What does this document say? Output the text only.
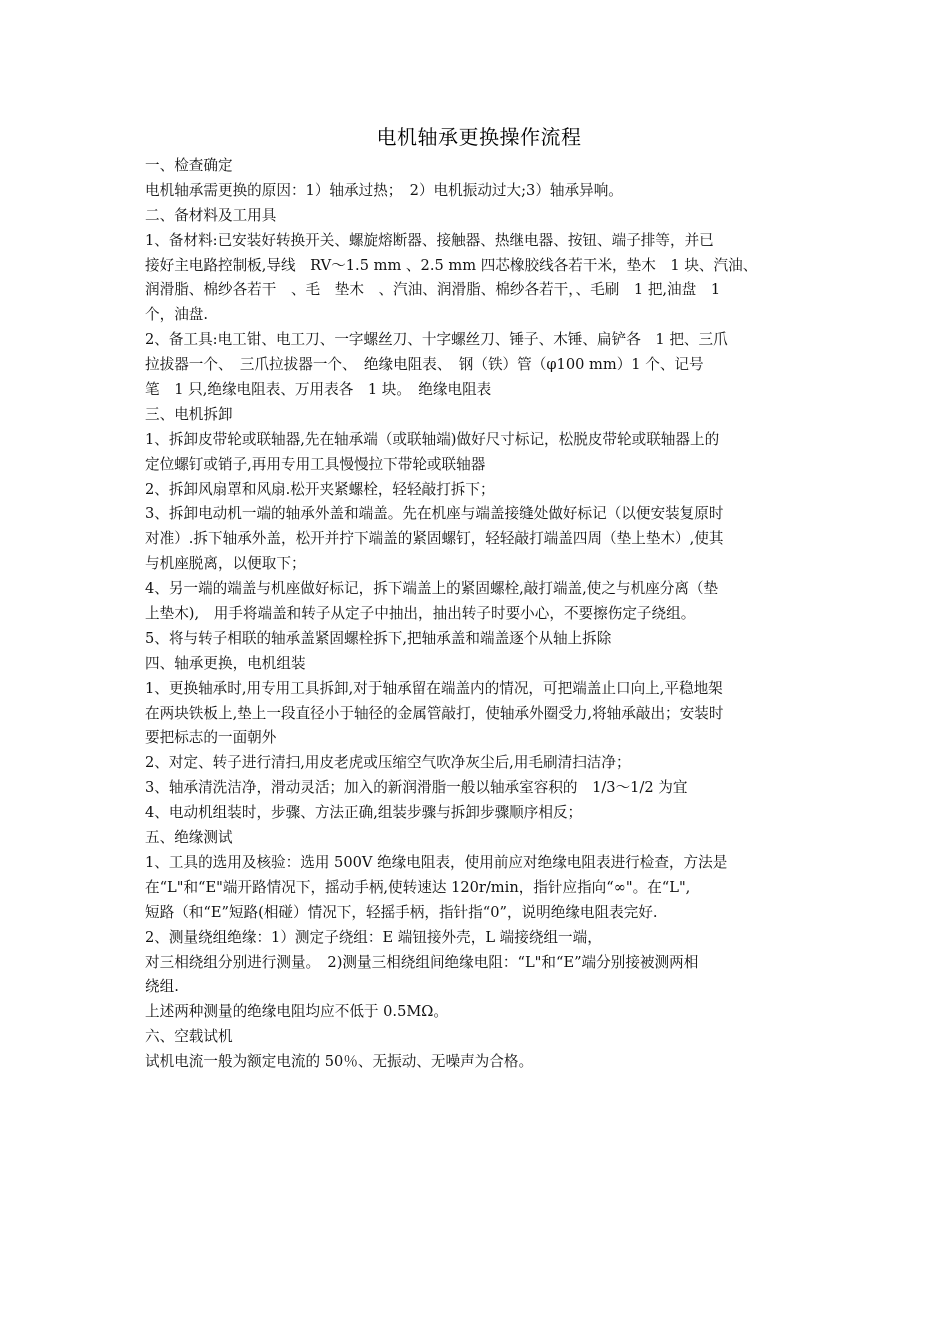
电机轴承更换操作流程
一、检查确定
电机轴承需更换的原因：1）轴承过热；　2）电机振动过大;3）轴承异响。
二、备材料及工用具
1、备材料:已安装好转换开关、螺旋熔断器、接触器、热继电器、按钮、端子排等，并已
接好主电路控制板,导线　RV～1.5 mm 、2.5 mm 四芯橡胶线各若干米，垫木　1 块、汽油、
润滑脂、棉纱各若干　、毛　垫木　、汽油、润滑脂、棉纱各若干，、毛刷　1 把,油盘　1
个，油盘.
2、备工具:电工钳、电工刀、一字螺丝刀、十字螺丝刀、锤子、木锤、扁铲各　1 把、三爪
拉拔器一个、　三爪拉拔器一个、　绝缘电阻表、　钢（铁）管（φ100 mm）1 个、记号
笔　1 只,绝缘电阻表、万用表各　1 块。　绝缘电阻表
三、电机拆卸
1、拆卸皮带轮或联轴器,先在轴承端（或联轴端)做好尺寸标记，松脱皮带轮或联轴器上的
定位螺钉或销子,再用专用工具慢慢拉下带轮或联轴器
2、拆卸风扇罩和风扇.松开夹紧螺栓，轻轻敲打拆下；
3、拆卸电动机一端的轴承外盖和端盖。先在机座与端盖接缝处做好标记（以便安装复原时
对准）.拆下轴承外盖，松开并拧下端盖的紧固螺钉，轻轻敲打端盖四周（垫上垫木）,使其
与机座脱离，以便取下；
4、另一端的端盖与机座做好标记，拆下端盖上的紧固螺栓,敲打端盖,使之与机座分离（垫
上垫木),　用手将端盖和转子从定子中抽出，抽出转子时要小心，不要擦伤定子绕组。
5、将与转子相联的轴承盖紧固螺栓拆下,把轴承盖和端盖逐个从轴上拆除
四、轴承更换，电机组装
1、更换轴承时,用专用工具拆卸,对于轴承留在端盖内的情况，可把端盖止口向上,平稳地架
在两块铁板上,垫上一段直径小于轴径的金属管敲打，使轴承外圈受力,将轴承敲出；安装时
要把标志的一面朝外
2、对定、转子进行清扫,用皮老虎或压缩空气吹净灰尘后,用毛刷清扫洁净；
3、轴承清洗洁净，滑动灵活；加入的新润滑脂一般以轴承室容积的　1/3～1/2 为宜
4、电动机组装时，步骤、方法正确,组装步骤与拆卸步骤顺序相反；
五、绝缘测试
1、工具的选用及核验：选用 500V 绝缘电阻表，使用前应对绝缘电阻表进行检查，方法是
在“L"和“E"端开路情况下，摇动手柄,使转速达 120r/min，指针应指向“∞"。在“L",
短路（和“E”短路(相碰）情况下，轻摇手柄，指针指“0”，说明绝缘电阻表完好.
2、测量绕组绝缘：1）测定子绕组：E 端钮接外壳，L 端接绕组一端，
对三相绕组分别进行测量。　2)测量三相绕组间绝缘电阻：“L"和“E”端分别接被测两相
绕组.
上述两种测量的绝缘电阻均应不低于 0.5MΩ。
六、空载试机
试机电流一般为额定电流的 50％、无振动、无噪声为合格。
